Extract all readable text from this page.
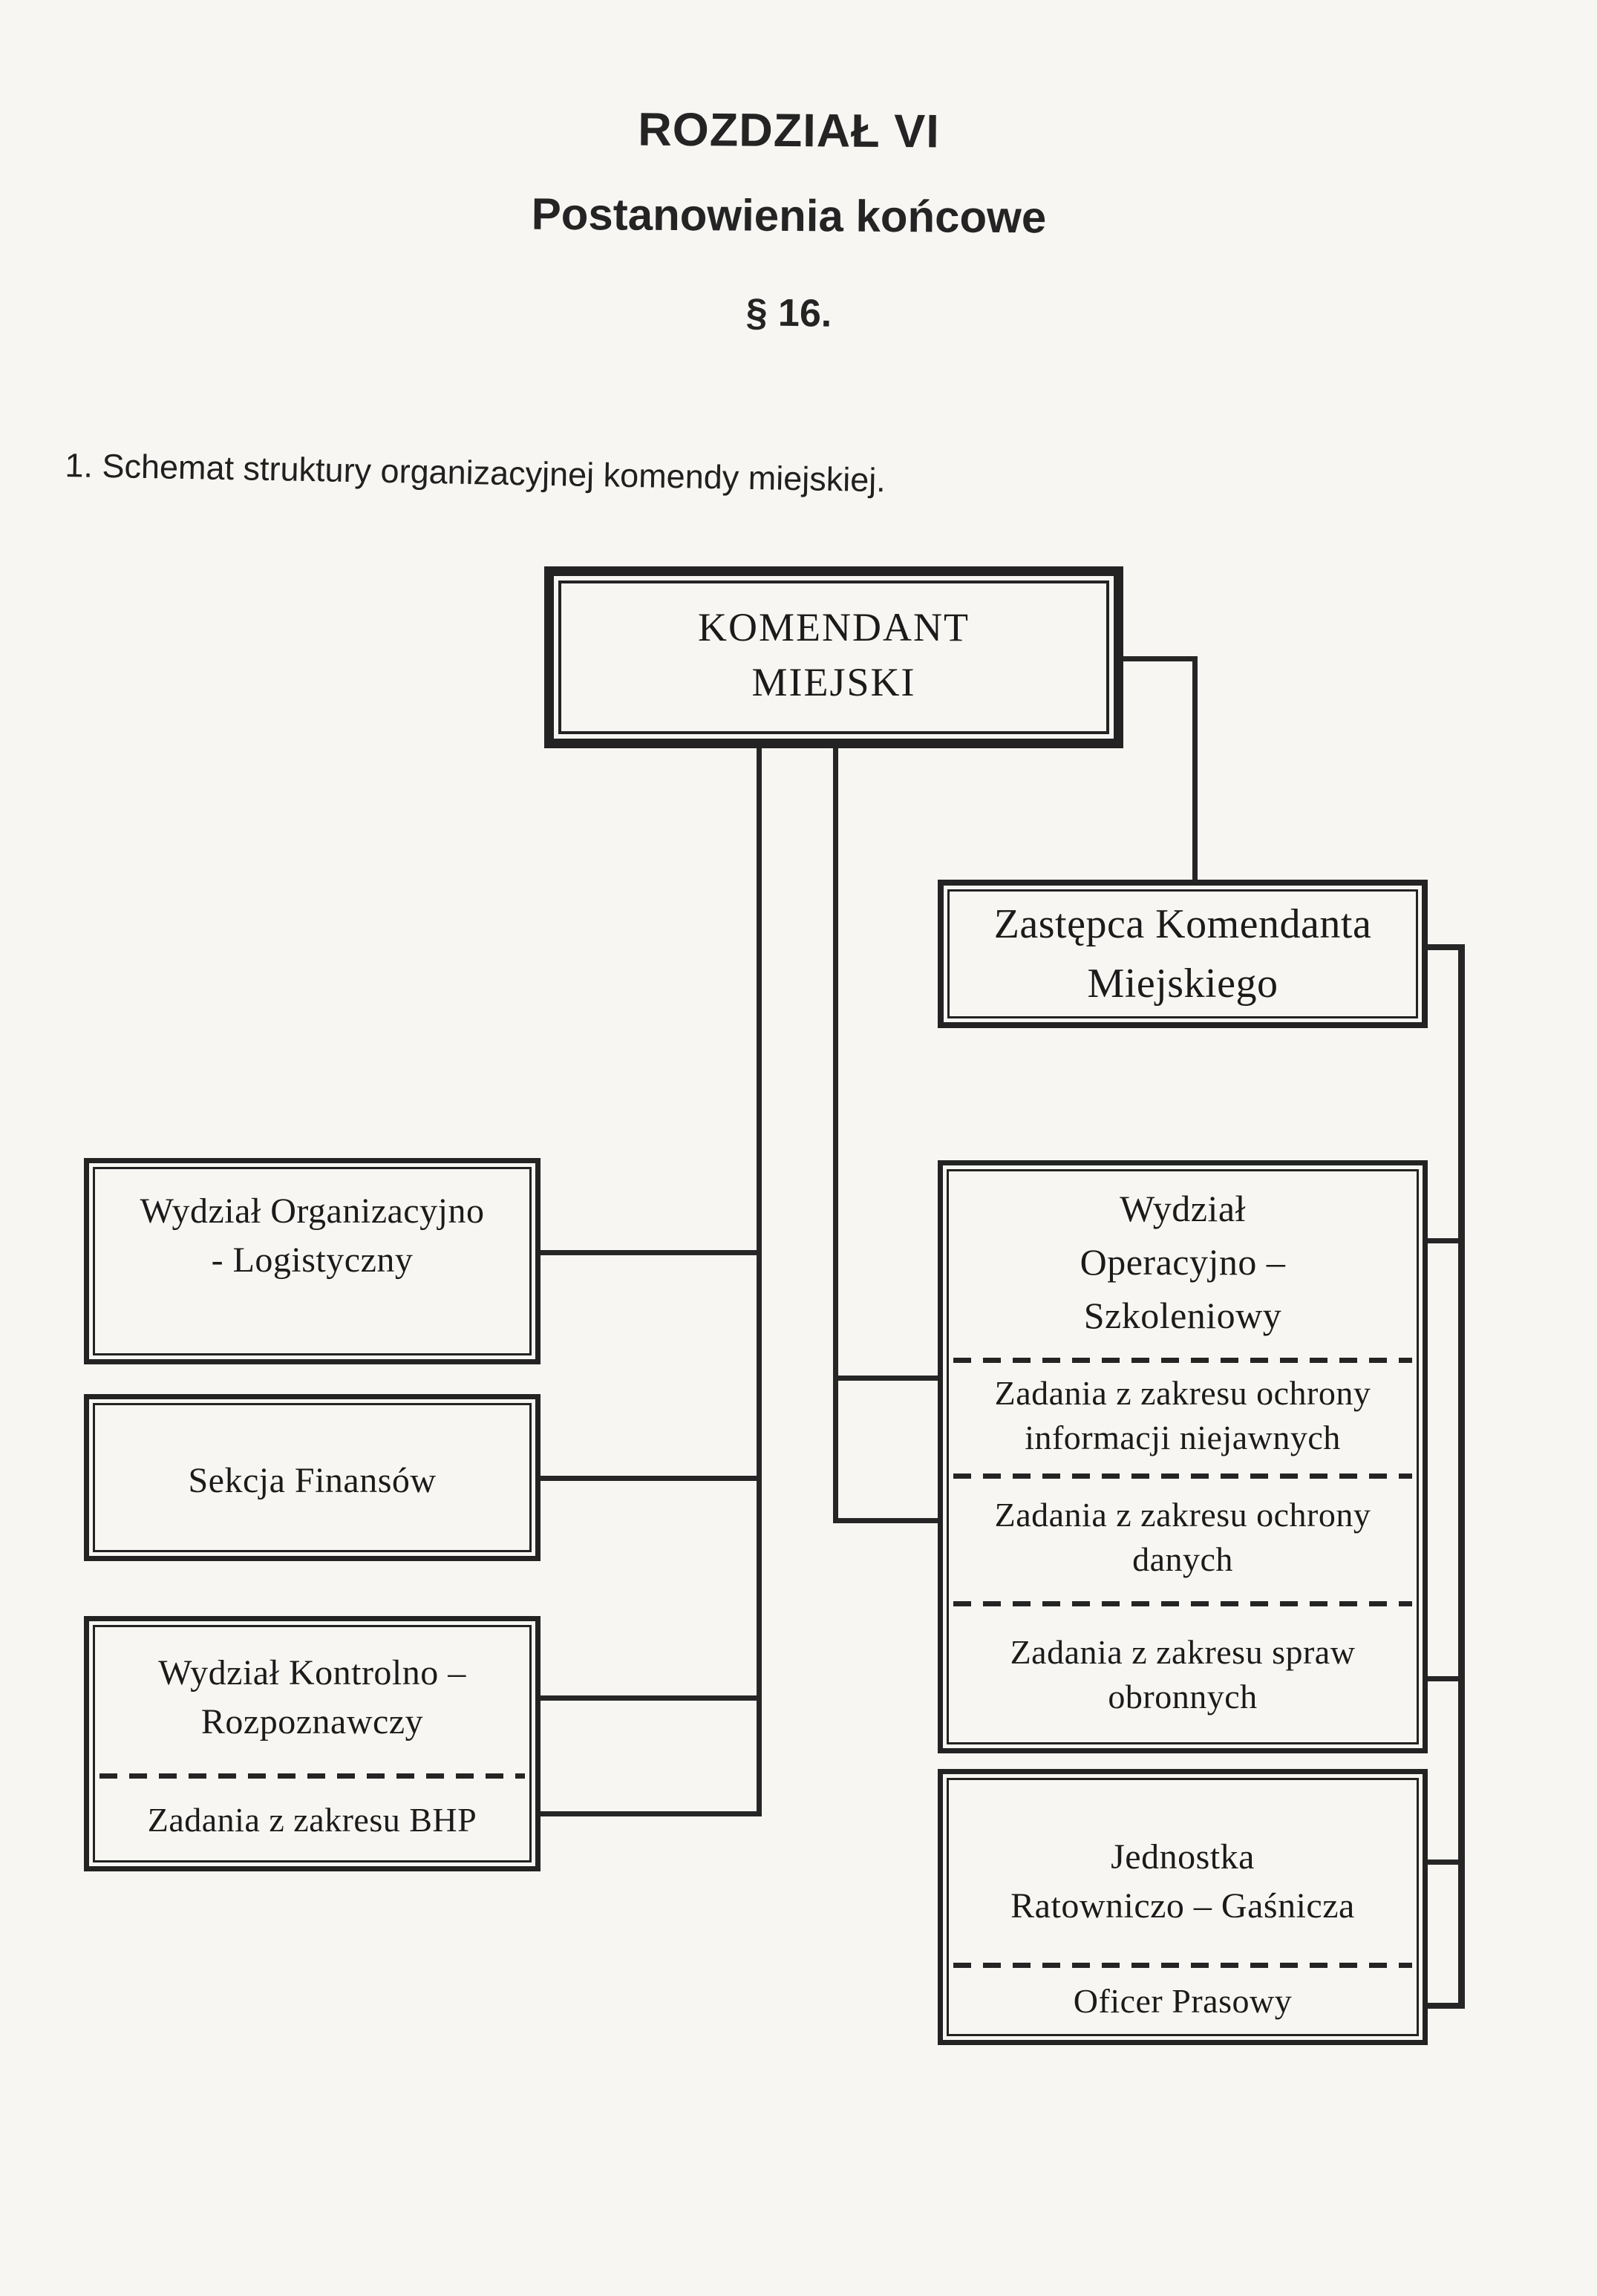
ROZDZIAŁ VI
Postanowienia końcowe
§ 16.
1. Schemat struktury organizacyjnej komendy miejskiej.
KOMENDANT
MIEJSKI
Zastępca Komendanta
Miejskiego
Wydział Organizacyjno
- Logistyczny
Sekcja Finansów
Wydział Kontrolno –
Rozpoznawczy
Zadania z zakresu BHP
Wydział
Operacyjno –
Szkoleniowy
Zadania z zakresu ochrony
informacji niejawnych
Zadania z zakresu ochrony
danych
Zadania z zakresu spraw
obronnych
Jednostka
Ratowniczo – Gaśnicza
Oficer Prasowy
